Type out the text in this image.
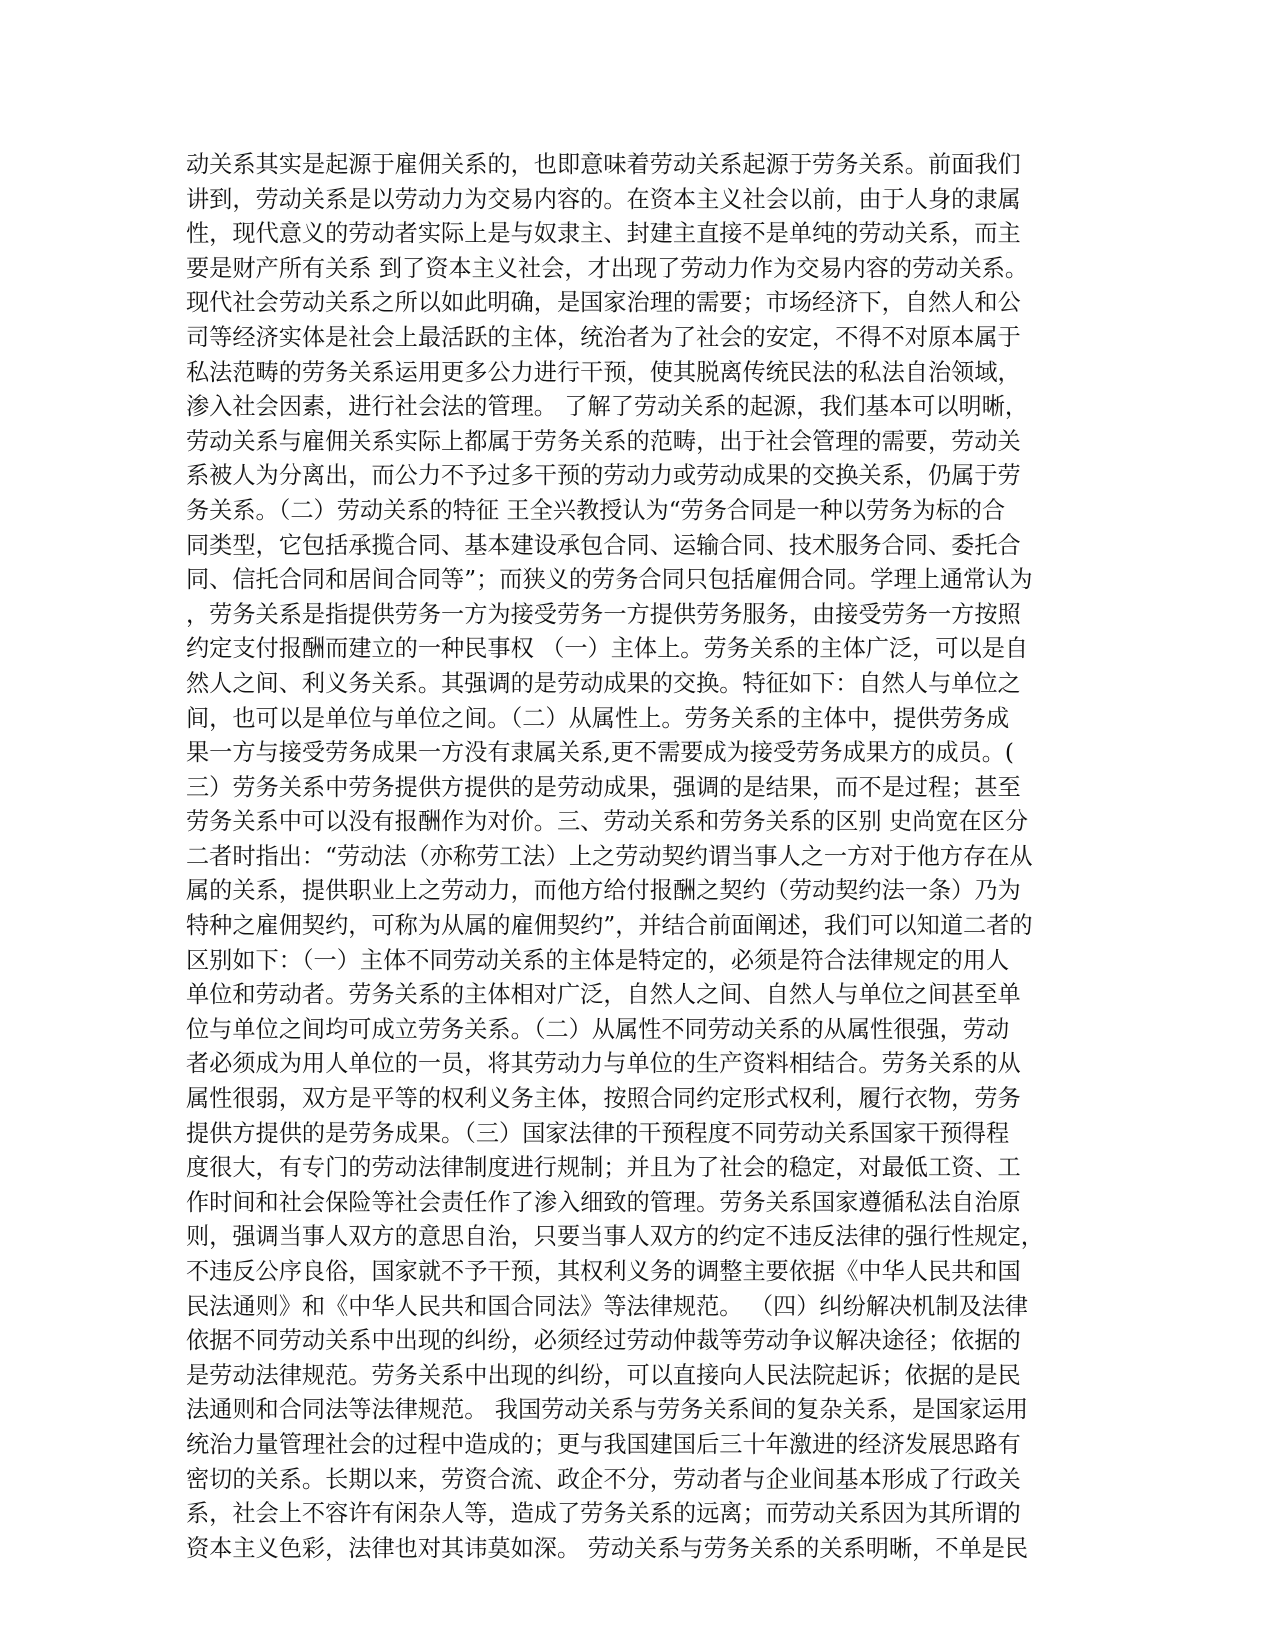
动关系其实是起源于雇佣关系的，也即意味着劳动关系起源于劳务关系。前面我们
讲到，劳动关系是以劳动力为交易内容的。在资本主义社会以前，由于人身的隶属
性，现代意义的劳动者实际上是与奴隶主、封建主直接不是单纯的劳动关系，而主
要是财产所有关系 到了资本主义社会，才出现了劳动力作为交易内容的劳动关系。
现代社会劳动关系之所以如此明确，是国家治理的需要；市场经济下，自然人和公
司等经济实体是社会上最活跃的主体，统治者为了社会的安定，不得不对原本属于
私法范畴的劳务关系运用更多公力进行干预，使其脱离传统民法的私法自治领域，
渗入社会因素，进行社会法的管理。 了解了劳动关系的起源，我们基本可以明晰，
劳动关系与雇佣关系实际上都属于劳务关系的范畴，出于社会管理的需要，劳动关
系被人为分离出，而公力不予过多干预的劳动力或劳动成果的交换关系，仍属于劳
务关系。（二）劳动关系的特征 王全兴教授认为“劳务合同是一种以劳务为标的合
同类型，它包括承揽合同、基本建设承包合同、运输合同、技术服务合同、委托合
同、信托合同和居间合同等”；而狭义的劳务合同只包括雇佣合同。学理上通常认为
，劳务关系是指提供劳务一方为接受劳务一方提供劳务服务，由接受劳务一方按照
约定支付报酬而建立的一种民事权 （一）主体上。劳务关系的主体广泛，可以是自
然人之间、利义务关系。其强调的是劳动成果的交换。特征如下：自然人与单位之
间，也可以是单位与单位之间。（二）从属性上。劳务关系的主体中，提供劳务成
果一方与接受劳务成果一方没有隶属关系,更不需要成为接受劳务成果方的成员。(
三）劳务关系中劳务提供方提供的是劳动成果，强调的是结果，而不是过程；甚至
劳务关系中可以没有报酬作为对价。三、劳动关系和劳务关系的区别 史尚宽在区分
二者时指出：“劳动法（亦称劳工法）上之劳动契约谓当事人之一方对于他方存在从
属的关系，提供职业上之劳动力，而他方给付报酬之契约（劳动契约法一条）乃为
特种之雇佣契约，可称为从属的雇佣契约”，并结合前面阐述，我们可以知道二者的
区别如下：（一）主体不同劳动关系的主体是特定的，必须是符合法律规定的用人
单位和劳动者。劳务关系的主体相对广泛，自然人之间、自然人与单位之间甚至单
位与单位之间均可成立劳务关系。（二）从属性不同劳动关系的从属性很强，劳动
者必须成为用人单位的一员，将其劳动力与单位的生产资料相结合。劳务关系的从
属性很弱，双方是平等的权利义务主体，按照合同约定形式权利，履行衣物，劳务
提供方提供的是劳务成果。（三）国家法律的干预程度不同劳动关系国家干预得程
度很大，有专门的劳动法律制度进行规制；并且为了社会的稳定，对最低工资、工
作时间和社会保险等社会责任作了渗入细致的管理。劳务关系国家遵循私法自治原
则，强调当事人双方的意思自治，只要当事人双方的约定不违反法律的强行性规定，
不违反公序良俗，国家就不予干预，其权利义务的调整主要依据《中华人民共和国
民法通则》和《中华人民共和国合同法》等法律规范。 （四）纠纷解决机制及法律
依据不同劳动关系中出现的纠纷，必须经过劳动仲裁等劳动争议解决途径；依据的
是劳动法律规范。劳务关系中出现的纠纷，可以直接向人民法院起诉；依据的是民
法通则和合同法等法律规范。 我国劳动关系与劳务关系间的复杂关系，是国家运用
统治力量管理社会的过程中造成的；更与我国建国后三十年激进的经济发展思路有
密切的关系。长期以来，劳资合流、政企不分，劳动者与企业间基本形成了行政关
系，社会上不容许有闲杂人等，造成了劳务关系的远离；而劳动关系因为其所谓的
资本主义色彩，法律也对其讳莫如深。 劳动关系与劳务关系的关系明晰，不单是民
